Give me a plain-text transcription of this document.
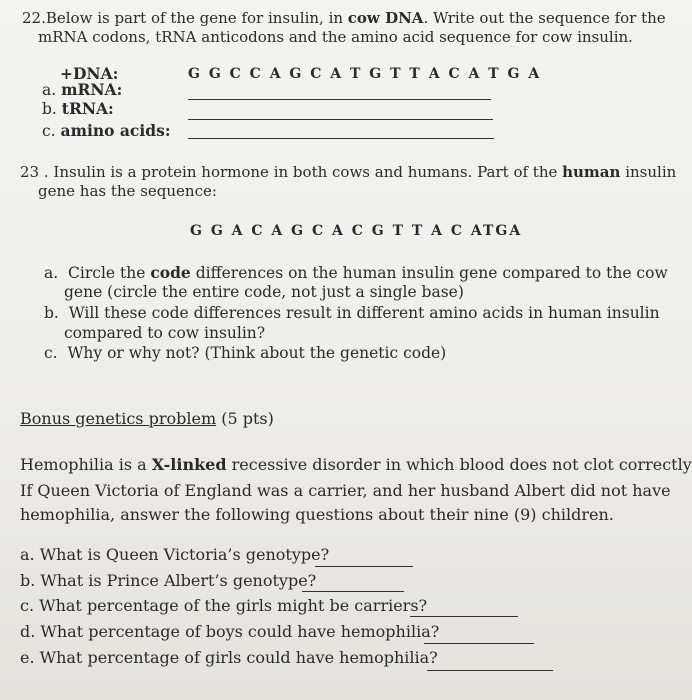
22.Below is part of the gene for insulin, in cow DNA. Write out the sequence for the
mRNA codons, tRNA anticodons and the amino acid sequence for cow insulin.
+DNA:	G G C C A G C A T G T T A C A T G A
a. mRNA:
b. tRNA:
c. amino acids:
23 . Insulin is a protein hormone in both cows and humans. Part of the human insulin
gene has the sequence:
G G A C A G C A C G T T A C ATGA
a. Circle the code differences on the human insulin gene compared to the cow
gene (circle the entire code, not just a single base)
b. Will these code differences result in different amino acids in human insulin
compared to cow insulin?
c. Why or why not? (Think about the genetic code)
Bonus genetics problem (5 pts)
Hemophilia is a X-linked recessive disorder in which blood does not clot correctly
If Queen Victoria of England was a carrier, and her husband Albert did not have
hemophilia, answer the following questions about their nine (9) children.
a. What is Queen Victoria’s genotype?
b. What is Prince Albert’s genotype?
c. What percentage of the girls might be carriers?
d. What percentage of boys could have hemophilia?
e. What percentage of girls could have hemophilia?
